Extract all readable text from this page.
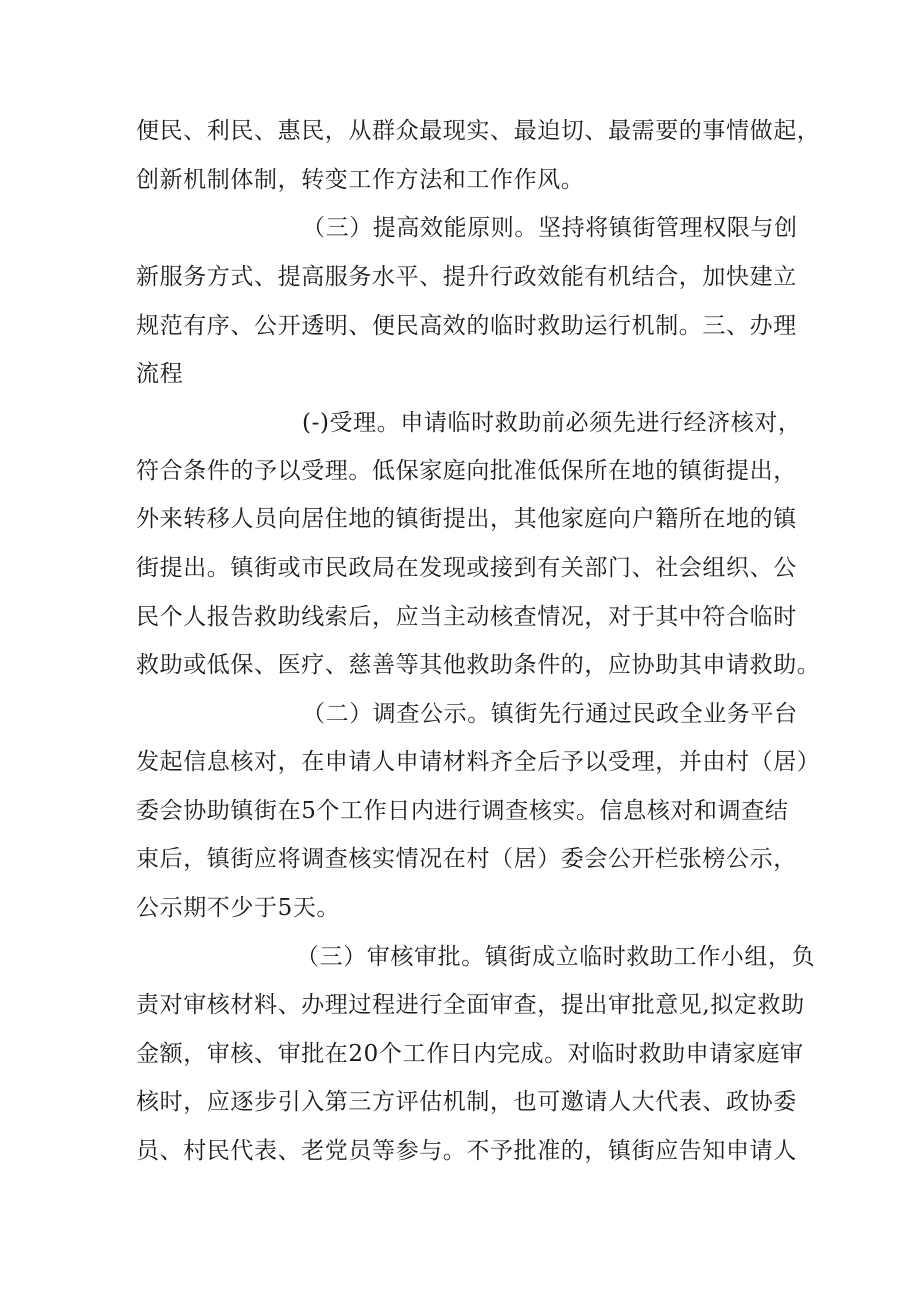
便民、利民、惠民，从群众最现实、最迫切、最需要的事情做起，
创新机制体制，转变工作方法和工作作风。
（三）提高效能原则。坚持将镇街管理权限与创
新服务方式、提高服务水平、提升行政效能有机结合，加快建立
规范有序、公开透明、便民高效的临时救助运行机制。三、办理
流程
(-)受理。申请临时救助前必须先进行经济核对，
符合条件的予以受理。低保家庭向批准低保所在地的镇街提出，
外来转移人员向居住地的镇街提出，其他家庭向户籍所在地的镇
街提出。镇街或市民政局在发现或接到有关部门、社会组织、公
民个人报告救助线索后，应当主动核查情况，对于其中符合临时
救助或低保、医疗、慈善等其他救助条件的，应协助其申请救助。
（二）调查公示。镇街先行通过民政全业务平台
发起信息核对，在申请人申请材料齐全后予以受理，并由村（居）
委会协助镇街在5个工作日内进行调查核实。信息核对和调查结
束后，镇街应将调查核实情况在村（居）委会公开栏张榜公示，
公示期不少于5天。
（三）审核审批。镇街成立临时救助工作小组，负
责对审核材料、办理过程进行全面审查，提出审批意见,拟定救助
金额，审核、审批在20个工作日内完成。对临时救助申请家庭审
核时，应逐步引入第三方评估机制，也可邀请人大代表、政协委
员、村民代表、老党员等参与。不予批准的，镇街应告知申请人
